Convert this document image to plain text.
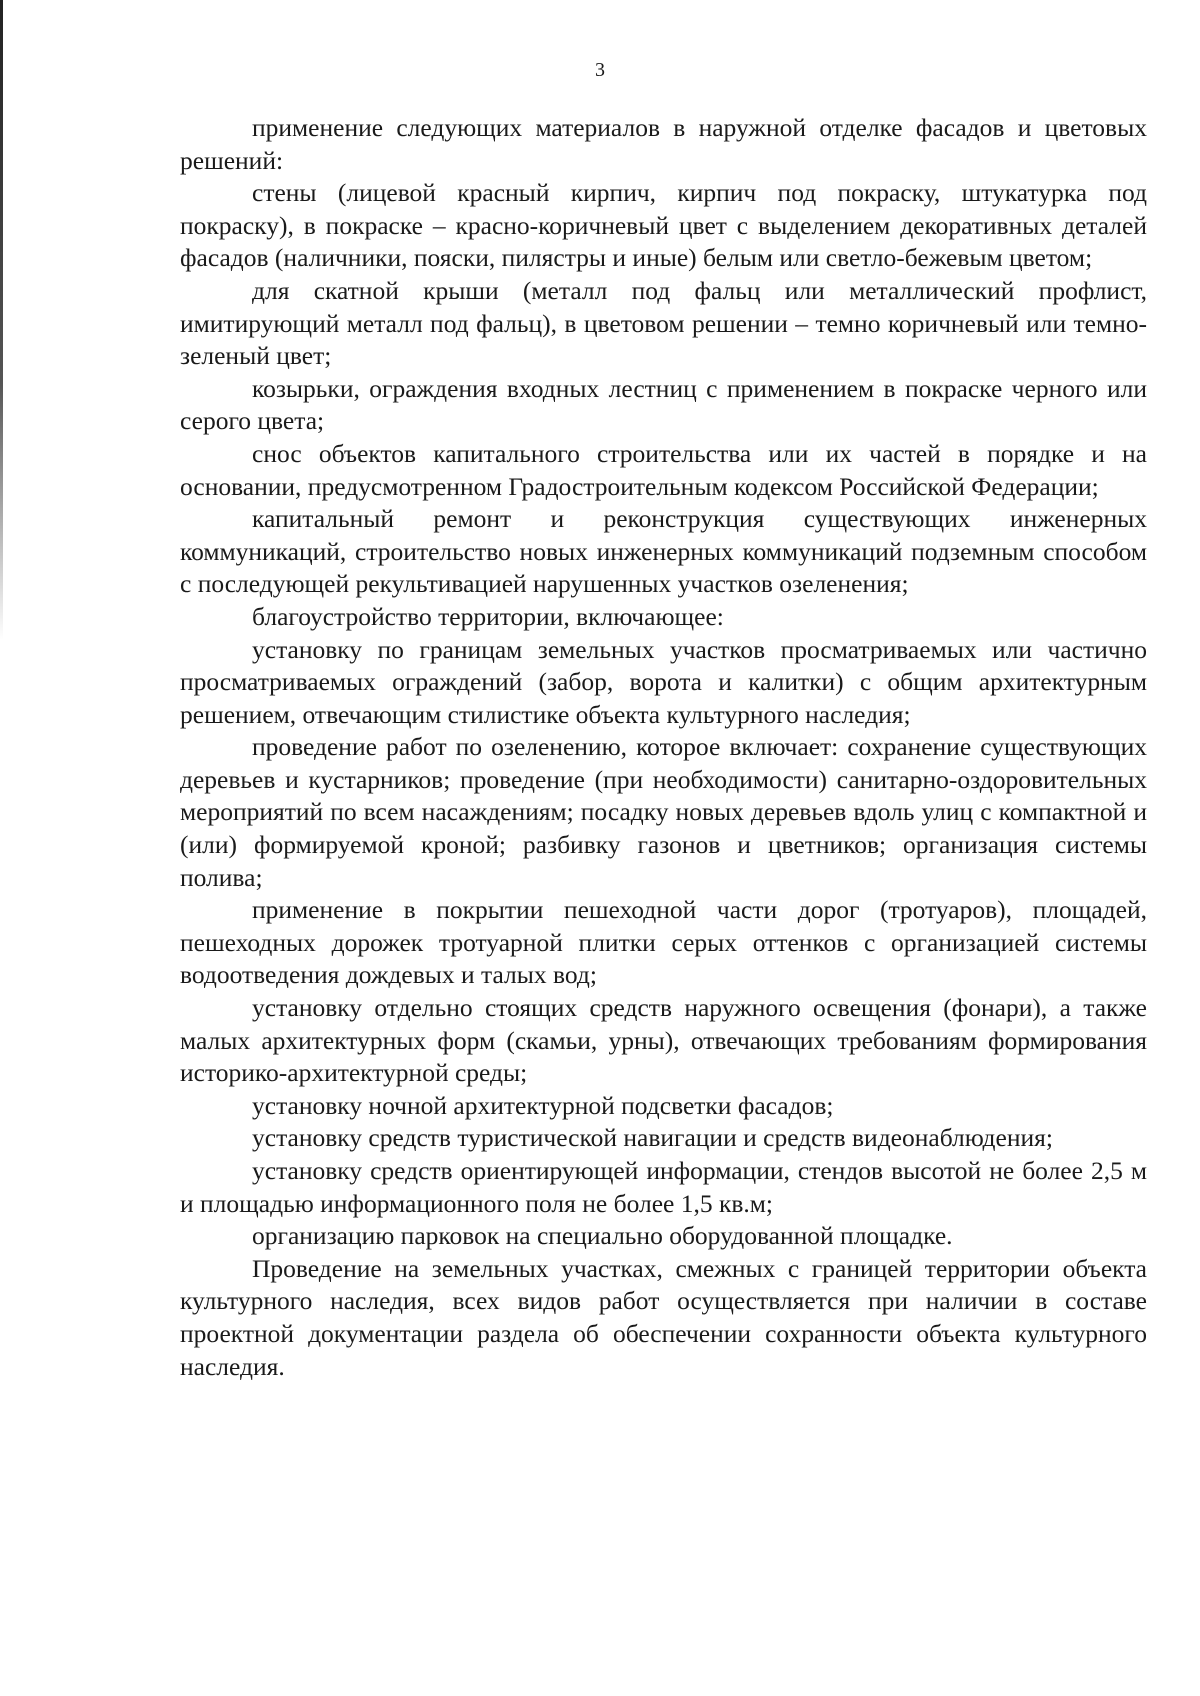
3

применение следующих материалов в наружной отделке фасадов и цветовых решений:

стены (лицевой красный кирпич, кирпич под покраску, штукатурка под покраску), в покраске – красно-коричневый цвет с выделением декоративных деталей фасадов (наличники, пояски, пилястры и иные) белым или светло-бежевым цветом;

для скатной крыши (металл под фальц или металлический профлист, имитирующий металл под фальц), в цветовом решении – темно коричневый или темно-зеленый цвет;

козырьки, ограждения входных лестниц с применением в покраске черного или серого цвета;

снос объектов капитального строительства или их частей в порядке и на основании, предусмотренном Градостроительным кодексом Российской Федерации;

капитальный ремонт и реконструкция существующих инженерных коммуникаций, строительство новых инженерных коммуникаций подземным способом с последующей рекультивацией нарушенных участков озеленения;

благоустройство территории, включающее:

установку по границам земельных участков просматриваемых или частично просматриваемых ограждений (забор, ворота и калитки) с общим архитектурным решением, отвечающим стилистике объекта культурного наследия;

проведение работ по озеленению, которое включает: сохранение существующих деревьев и кустарников; проведение (при необходимости) санитарно-оздоровительных мероприятий по всем насаждениям; посадку новых деревьев вдоль улиц с компактной и (или) формируемой кроной; разбивку газонов и цветников; организация системы полива;

применение в покрытии пешеходной части дорог (тротуаров), площадей, пешеходных дорожек тротуарной плитки серых оттенков с организацией системы водоотведения дождевых и талых вод;

установку отдельно стоящих средств наружного освещения (фонари), а также малых архитектурных форм (скамьи, урны), отвечающих требованиям формирования историко-архитектурной среды;

установку ночной архитектурной подсветки фасадов;

установку средств туристической навигации и средств видеонаблюдения;

установку средств ориентирующей информации, стендов высотой не более 2,5 м и площадью информационного поля не более 1,5 кв.м;

организацию парковок на специально оборудованной площадке.

Проведение на земельных участках, смежных с границей территории объекта культурного наследия, всех видов работ осуществляется при наличии в составе проектной документации раздела об обеспечении сохранности объекта культурного наследия.
